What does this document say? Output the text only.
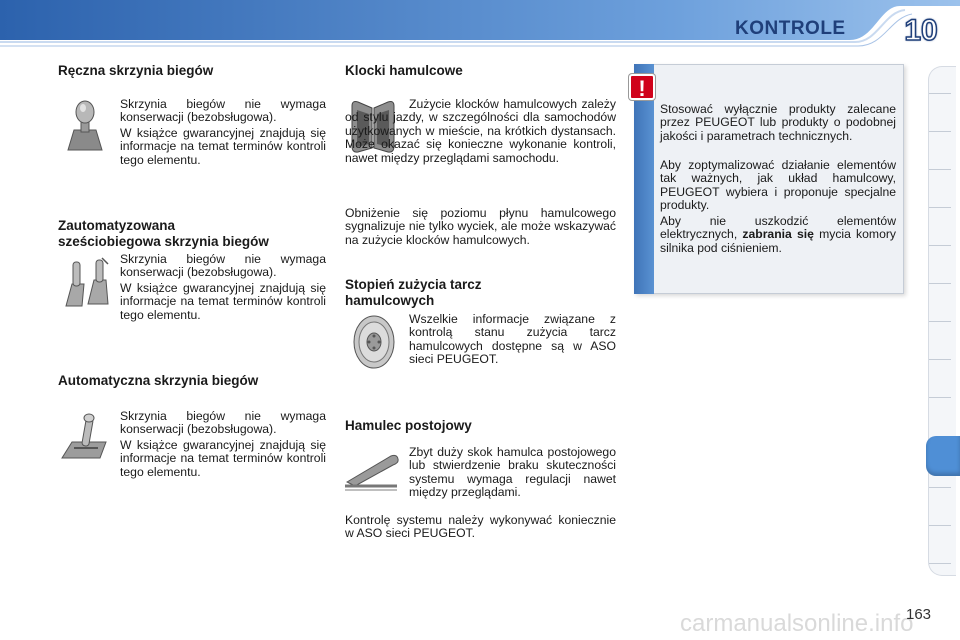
KONTROLE 10
Ręczna skrzynia biegów

Skrzynia biegów nie wymaga konserwacji (bezobsługowa).

W książce gwarancyjnej znajdują się informacje na temat terminów kontroli tego elementu.

Zautomatyzowana
sześciobiegowa skrzynia biegów

Skrzynia biegów nie wymaga konserwacji (bezobsługowa).

W książce gwarancyjnej znajdują się informacje na temat terminów kontroli tego elementu.

Automatyczna skrzynia biegów

Skrzynia biegów nie wymaga konserwacji (bezobsługowa).

W książce gwarancyjnej znajdują się informacje na temat terminów kontroli tego elementu.

Klocki hamulcowe

Zużycie klocków hamulcowych zależy od stylu jazdy, w szczególności dla samochodów użytkowanych w mieście, na krótkich dystansach. Może okazać się konieczne wykonanie kontroli, nawet między przeglądami samochodu.

Obniżenie się poziomu płynu hamulcowego sygnalizuje nie tylko wyciek, ale może wskazywać na zużycie klocków hamulcowych.

Stopień zużycia tarcz
hamulcowych

Wszelkie informacje związane z kontrolą stanu zużycia tarcz hamulcowych dostępne są w ASO sieci PEUGEOT.

Hamulec postojowy

Zbyt duży skok hamulca postojowego lub stwierdzenie braku skuteczności systemu wymaga regulacji nawet między przeglądami.

Kontrolę systemu należy wykonywać koniecznie w ASO sieci PEUGEOT.

!
Stosować wyłącznie produkty zalecane przez PEUGEOT lub produkty o podobnej jakości i parametrach technicznych.
Aby zoptymalizować działanie elementów tak ważnych, jak układ hamulcowy, PEUGEOT wybiera i proponuje specjalne produkty.
Aby nie uszkodzić elementów elektrycznych, zabrania się mycia komory silnika pod ciśnieniem.
carmanualsonline.info
163
